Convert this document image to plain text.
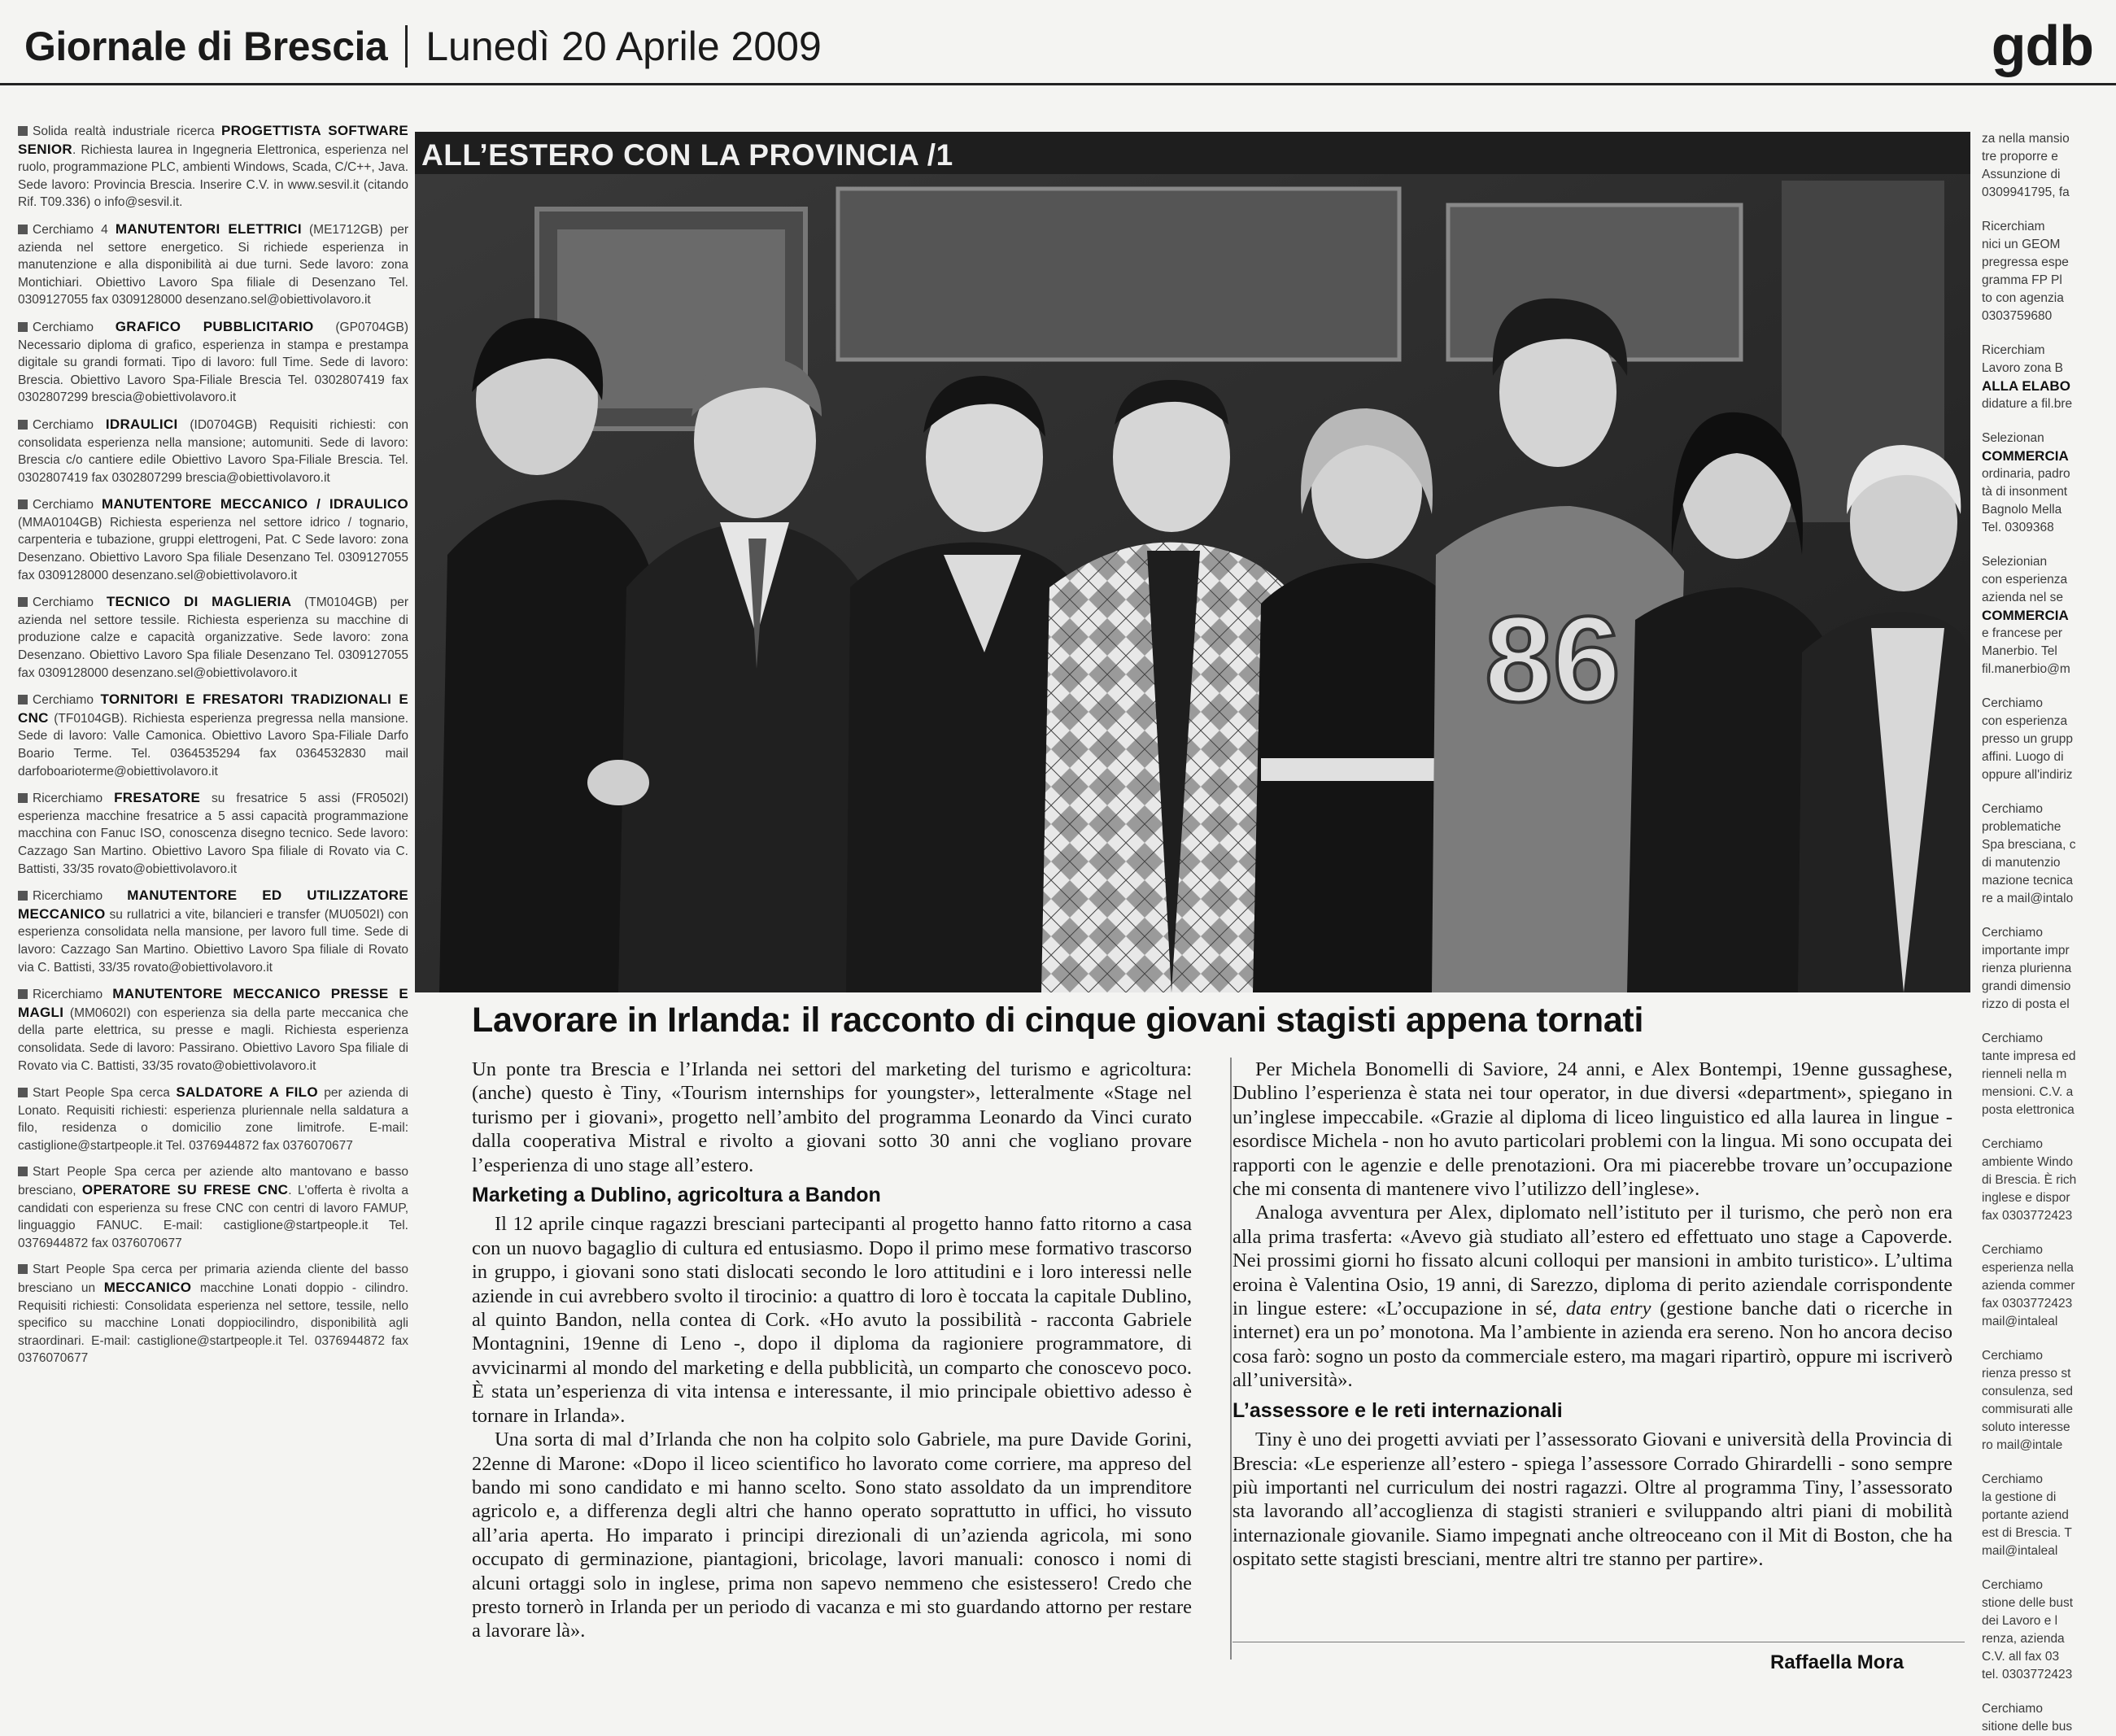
Giornale di Brescia Lunedì 20 Aprile 2009	gdb
Solida realtà industriale ricerca PROGETTISTA SOFTWARE SENIOR. Richiesta laurea in Ingegneria Elettronica, esperienza nel ruolo, programmazione PLC, ambienti Windows, Scada, C/C++, Java. Sede lavoro: Provincia Brescia. Inserire C.V. in www.sesvil.it (citando Rif. T09.336) o info@sesvil.it.
Cerchiamo 4 MANUTENTORI ELETTRICI (ME1712GB) per azienda nel settore energetico. Si richiede esperienza in manutenzione e alla disponibilità ai due turni. Sede lavoro: zona Montichiari. Obiettivo Lavoro Spa filiale di Desenzano Tel. 0309127055 fax 0309128000 desenzano.sel@obiettivolavoro.it
Cerchiamo GRAFICO PUBBLICITARIO (GP0704GB) Necessario diploma di grafico, esperienza in stampa e prestampa digitale su grandi formati. Tipo di lavoro: full Time. Sede di lavoro: Brescia. Obiettivo Lavoro Spa-Filiale Brescia Tel. 0302807419 fax 0302807299 brescia@obiettivolavoro.it
Cerchiamo IDRAULICI (ID0704GB) Requisiti richiesti: con consolidata esperienza nella mansione; automuniti. Sede di lavoro: Brescia c/o cantiere edile Obiettivo Lavoro Spa-Filiale Brescia. Tel. 0302807419 fax 0302807299 brescia@obiettivolavoro.it
Cerchiamo MANUTENTORE MECCANICO / IDRAULICO (MMA0104GB) Richiesta esperienza nel settore idrico / tognario, carpenteria e tubazione, gruppi elettrogeni, Pat. C Sede lavoro: zona Desenzano. Obiettivo Lavoro Spa filiale Desenzano Tel. 0309127055 fax 0309128000 desenzano.sel@obiettivolavoro.it
Cerchiamo TECNICO DI MAGLIERIA (TM0104GB) per azienda nel settore tessile. Richiesta esperienza su macchine di produzione calze e capacità organizzative. Sede lavoro: zona Desenzano. Obiettivo Lavoro Spa filiale Desenzano Tel. 0309127055 fax 0309128000 desenzano.sel@obiettivolavoro.it
Cerchiamo TORNITORI E FRESATORI TRADIZIONALI E CNC (TF0104GB). Richiesta esperienza pregressa nella mansione. Sede di lavoro: Valle Camonica. Obiettivo Lavoro Spa-Filiale Darfo Boario Terme. Tel. 0364535294 fax 0364532830 mail darfoboarioterme@obiettivolavoro.it
Ricerchiamo FRESATORE su fresatrice 5 assi (FR0502I) esperienza macchine fresatrice a 5 assi capacità programmazione macchina con Fanuc ISO, conoscenza disegno tecnico. Sede lavoro: Cazzago San Martino. Obiettivo Lavoro Spa filiale di Rovato via C. Battisti, 33/35 rovato@obiettivolavoro.it
Ricerchiamo MANUTENTORE ED UTILIZZATORE MECCANICO su rullatrici a vite, bilancieri e transfer (MU0502I) con esperienza consolidata nella mansione, per lavoro full time. Sede di lavoro: Cazzago San Martino. Obiettivo Lavoro Spa filiale di Rovato via C. Battisti, 33/35 rovato@obiettivolavoro.it
Ricerchiamo MANUTENTORE MECCANICO PRESSE E MAGLI (MM0602I) con esperienza sia della parte meccanica che della parte elettrica, su presse e magli. Richiesta esperienza consolidata. Sede di lavoro: Passirano. Obiettivo Lavoro Spa filiale di Rovato via C. Battisti, 33/35 rovato@obiettivolavoro.it
Start People Spa cerca SALDATORE A FILO per azienda di Lonato. Requisiti richiesti: esperienza pluriennale nella saldatura a filo, residenza o domicilio zone limitrofe. E-mail: castiglione@startpeople.it Tel. 0376944872 fax 0376070677
Start People Spa cerca per aziende alto mantovano e basso bresciano, OPERATORE SU FRESE CNC. L'offerta è rivolta a candidati con esperienza su frese CNC con centri di lavoro FAMUP, linguaggio FANUC. E-mail: castiglione@startpeople.it Tel. 0376944872 fax 0376070677
Start People Spa cerca per primaria azienda cliente del basso bresciano un MECCANICO macchine Lonati doppio - cilindro. Requisiti richiesti: Consolidata esperienza nel settore, tessile, nello specifico su macchine Lonati doppiocilindro, disponibilità agli straordinari. E-mail: castiglione@startpeople.it Tel. 0376944872 fax 0376070677
za nella mansio
tre proporre e
Assunzione di
0309941795, fa
Ricerchiam
nici un GEOM
pregressa espe
gramma FP Pl
to con agenzia
0303759680
Ricerchiam
Lavoro zona B
ALLA ELABO
didature a fil.bre
Selezionan
COMMERCIA
ordinaria, padro
tà di insonment
Bagnolo Mella
Tel. 0309368
Selezionian
con esperienza
azienda nel se
COMMERCIA
e francese per
Manerbio. Tel
fil.manerbio@m
Cerchiamo
con esperienza
presso un grupp
affini. Luogo di
oppure all'indiriz
Cerchiamo
problematiche
Spa bresciana, c
di manutenzio
mazione tecnica
re a mail@intalo
Cerchiamo
importante impr
rienza plurienna
grandi dimensio
rizzo di posta el
Cerchiamo
tante impresa ed
rienneli nella m
mensioni. C.V. a
posta elettronica
Cerchiamo
ambiente Windo
di Brescia. È rich
inglese e dispor
fax 0303772423
Cerchiamo
esperienza nella
azienda commer
fax 0303772423
mail@intaleal
Cerchiamo
rienza presso st
consulenza, sed
commisurati alle
soluto interesse
ro mail@intale
Cerchiamo
la gestione di
portante aziend
est di Brescia. T
mail@intaleal
Cerchiamo
stione delle bust
dei Lavoro e l
renza, azienda
C.V. all fax 03
tel. 0303772423
Cerchiamo
sitione delle bus
86
ALL’ESTERO CON LA PROVINCIA /1
Lavorare in Irlanda: il racconto di cinque giovani stagisti appena tornati

Un ponte tra Brescia e l’Irlanda nei settori del marketing del turismo e agricoltura: (anche) questo è Tiny, «Tourism internships for youngster», letteralmente «Stage nel turismo per i giovani», progetto nell’ambito del programma Leonardo da Vinci curato dalla cooperativa Mistral e rivolto a giovani sotto 30 anni che vogliano provare l’esperienza di uno stage all’estero.

Marketing a Dublino, agricoltura a Bandon

Il 12 aprile cinque ragazzi bresciani partecipanti al progetto hanno fatto ritorno a casa con un nuovo bagaglio di cultura ed entusiasmo. Dopo il primo mese formativo trascorso in gruppo, i giovani sono stati dislocati secondo le loro attitudini e i loro interessi nelle aziende in cui avrebbero svolto il tirocinio: a quattro di loro è toccata la capitale Dublino, al quinto Bandon, nella contea di Cork. «Ho avuto la possibilità - racconta Gabriele Montagnini, 19enne di Leno -, dopo il diploma da ragioniere programmatore, di avvicinarmi al mondo del marketing e della pubblicità, un comparto che conoscevo poco. È stata un’esperienza di vita intensa e interessante, il mio principale obiettivo adesso è tornare in Irlanda».

Una sorta di mal d’Irlanda che non ha colpito solo Gabriele, ma pure Davide Gorini, 22enne di Marone: «Dopo il liceo scientifico ho lavorato come corriere, ma appreso del bando mi sono candidato e mi hanno scelto. Sono stato assoldato da un imprenditore agricolo e, a differenza degli altri che hanno operato soprattutto in uffici, ho vissuto all’aria aperta. Ho imparato i principi direzionali di un’azienda agricola, mi sono occupato di germinazione, piantagioni, bricolage, lavori manuali: conosco i nomi di alcuni ortaggi solo in inglese, prima non sapevo nemmeno che esistessero! Credo che presto tornerò in Irlanda per un periodo di vacanza e mi sto guardando attorno per restare a lavorare là».

Per Michela Bonomelli di Saviore, 24 anni, e Alex Bontempi, 19enne gussaghese, Dublino l’esperienza è stata nei tour operator, in due diversi «department», spiegano in un’inglese impeccabile. «Grazie al diploma di liceo linguistico ed alla laurea in lingue - esordisce Michela - non ho avuto particolari problemi con la lingua. Mi sono occupata dei rapporti con le agenzie e delle prenotazioni. Ora mi piacerebbe trovare un’occupazione che mi consenta di mantenere vivo l’utilizzo dell’inglese».

Analoga avventura per Alex, diplomato nell’istituto per il turismo, che però non era alla prima trasferta: «Avevo già studiato all’estero ed effettuato uno stage a Capoverde. Nei prossimi giorni ho fissato alcuni colloqui per mansioni in ambito turistico». L’ultima eroina è Valentina Osio, 19 anni, di Sarezzo, diploma di perito aziendale corrispondente in lingue estere: «L’occupazione in sé, data entry (gestione banche dati o ricerche in internet) era un po’ monotona. Ma l’ambiente in azienda era sereno. Non ho ancora deciso cosa farò: sogno un posto da commerciale estero, ma magari ripartirò, oppure mi iscriverò all’università».

L’assessore e le reti internazionali

Tiny è uno dei progetti avviati per l’assessorato Giovani e università della Provincia di Brescia: «Le esperienze all’estero - spiega l’assessore Corrado Ghirardelli - sono sempre più importanti nel curriculum dei nostri ragazzi. Oltre al programma Tiny, l’assessorato sta lavorando all’accoglienza di stagisti stranieri e sviluppando altri piani di mobilità internazionale giovanile. Siamo impegnati anche oltreoceano con il Mit di Boston, che ha ospitato sette stagisti bresciani, mentre altri tre stanno per partire».

Raffaella Mora
